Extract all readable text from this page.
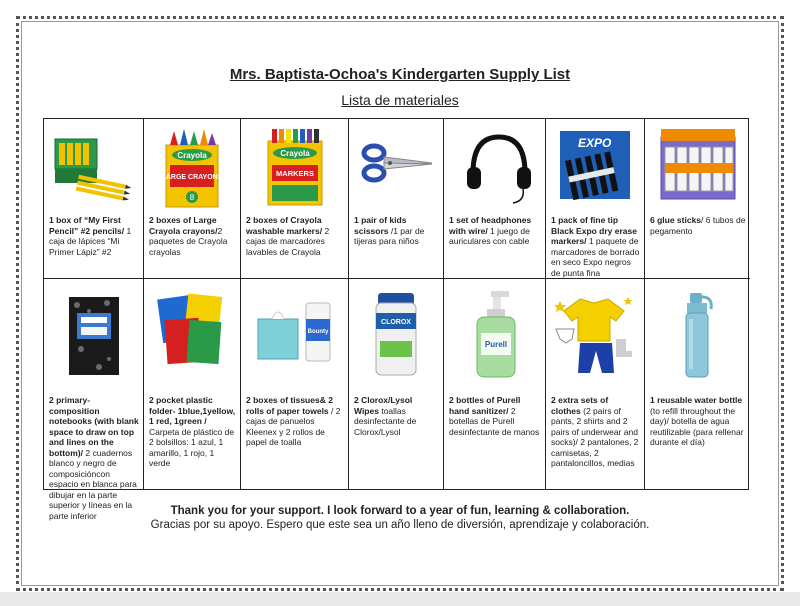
Mrs. Baptista-Ochoa's Kindergarten Supply List
Lista de materiales
1 box of “My First Pencil” #2 pencils/ 1 caja de lápices “Mi Primer Lápiz” #2
Crayola
LARGE CRAYONS
8
2 boxes of Large Crayola crayons/2 paquetes de Crayola crayolas
Crayola
MARKERS
2 boxes of Crayola washable markers/ 2 cajas de marcadores lavables de Crayola
1 pair of kids scissors /1 par de tijeras para niños
1 set of headphones with wire/ 1 juego de auriculares con cable
EXPO
1 pack of fine tip Black Expo dry erase markers/ 1 paquete de marcadores de borrado en seco Expo negros de punta fina
6 glue sticks/ 6 tubos de pegamento
2 primary-composition notebooks (with blank space to draw on top and lines on the bottom)/ 2 cuadernos blanco y negro de composicióncon espacio en blanca para dibujar en la parte superior y líneas en la parte inferior
2 pocket plastic folder- 1blue,1yellow, 1 red, 1green / Carpeta de plástico de 2 bolsillos: 1 azul, 1 amarillo, 1 rojo, 1 verde
Bounty
2 boxes of tissues& 2 rolls of paper towels / 2 cajas de panuelos Kleenex y 2 rollos de papel de toalla
CLOROX
2 Clorox/Lysol Wipes toallas desinfectante de Clorox/Lysol
Purell
2 bottles of Purell hand sanitizer/ 2 botellas de Purell desinfectante de manos
2 extra sets of clothes (2 pairs of pants, 2 shirts and 2 pairs of underwear and socks)/ 2 pantalones, 2 camisetas, 2 pantaloncillos, medias
1 reusable water bottle (to refill throughout the day)/ botella de agua reutilizable (para rellenar durante el día)
Thank you for your support. I look forward to a year of fun, learning & collaboration.
Gracias por su apoyo. Espero que este sea un año lleno de diversión, aprendizaje y colaboración.
